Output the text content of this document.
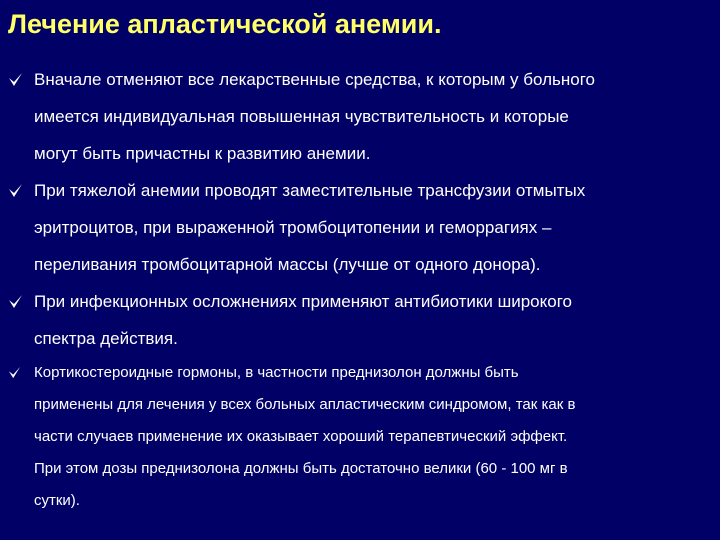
Лечение апластической анемии.
Вначале отменяют все лекарственные средства, к которым у больного
имеется индивидуальная повышенная чувствительность и которые
могут быть причастны к развитию анемии.
При тяжелой анемии проводят заместительные трансфузии отмытых
эритроцитов, при выраженной тромбоцитопении и геморрагиях –
переливания тромбоцитарной массы (лучше от одного донора).
При инфекционных осложнениях применяют антибиотики широкого
спектра действия.
Кортикостероидные гормоны, в частности преднизолон должны быть
применены для лечения у всех больных апластическим синдромом, так как в
части случаев применение их оказывает хороший терапевтический эффект.
При этом дозы преднизолона должны быть достаточно велики (60 - 100 мг в
сутки).
